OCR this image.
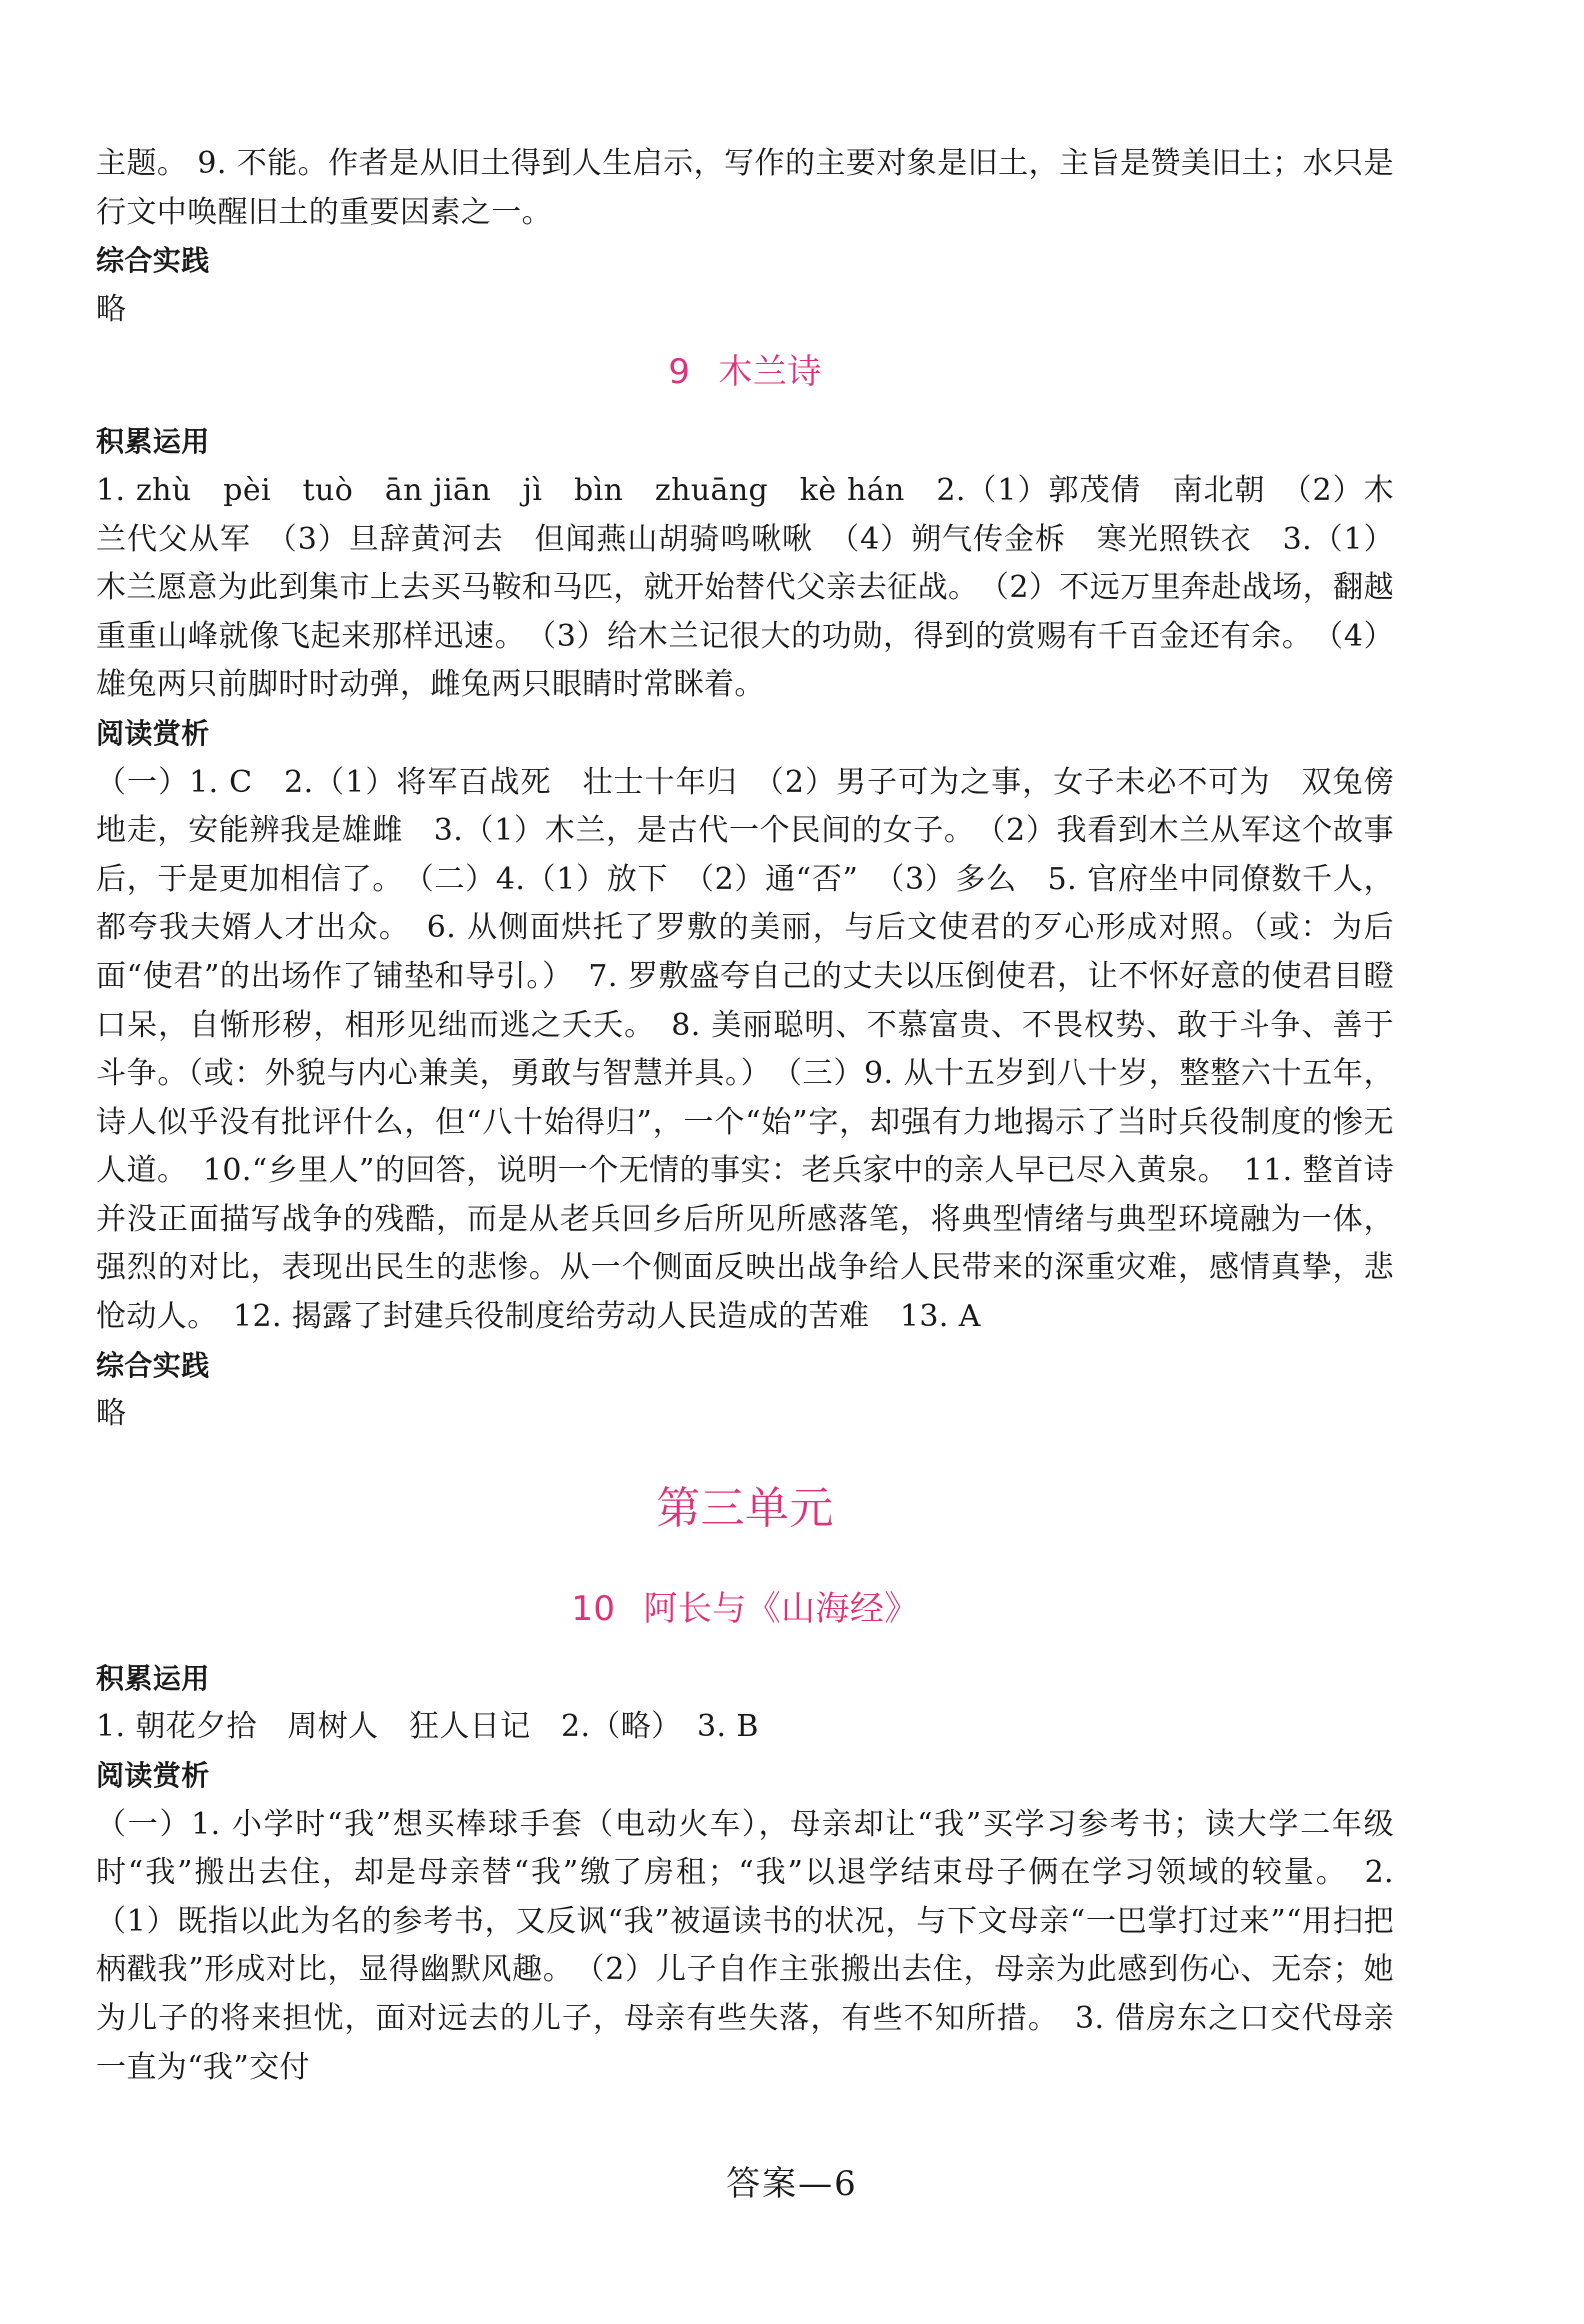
主题。 9. 不能。作者是从旧土得到人生启示，写作的主要对象是旧土，主旨是赞美旧土；水只是行文中唤醒旧土的重要因素之一。

综合实践

略

9 木兰诗

积累运用

1. zhù　pèi　tuò　ān jiān　jì　bìn　zhuāng　kè hán　2.（1）郭茂倩　南北朝　（2）木兰代父从军　（3）旦辞黄河去　但闻燕山胡骑鸣啾啾　（4）朔气传金柝　寒光照铁衣　3.（1）木兰愿意为此到集市上去买马鞍和马匹，就开始替代父亲去征战。　（2）不远万里奔赴战场，翻越重重山峰就像飞起来那样迅速。　（3）给木兰记很大的功勋，得到的赏赐有千百金还有余。　（4）雄兔两只前脚时时动弹，雌兔两只眼睛时常眯着。

阅读赏析

（一）1. C　2.（1）将军百战死　壮士十年归　（2）男子可为之事，女子未必不可为　双兔傍地走，安能辨我是雄雌　3.（1）木兰，是古代一个民间的女子。　（2）我看到木兰从军这个故事后，于是更加相信了。　（二）4.（1）放下　（2）通“否”　（3）多么　5. 官府坐中同僚数千人，都夸我夫婿人才出众。　6. 从侧面烘托了罗敷的美丽，与后文使君的歹心形成对照。（或：为后面“使君”的出场作了铺垫和导引。）　7. 罗敷盛夸自己的丈夫以压倒使君，让不怀好意的使君目瞪口呆，自惭形秽，相形见绌而逃之夭夭。　8. 美丽聪明、不慕富贵、不畏权势、敢于斗争、善于斗争。（或：外貌与内心兼美，勇敢与智慧并具。）　（三）9. 从十五岁到八十岁，整整六十五年，诗人似乎没有批评什么，但“八十始得归”，一个“始”字，却强有力地揭示了当时兵役制度的惨无人道。　10.“乡里人”的回答，说明一个无情的事实：老兵家中的亲人早已尽入黄泉。　11. 整首诗并没正面描写战争的残酷，而是从老兵回乡后所见所感落笔，将典型情绪与典型环境融为一体，强烈的对比，表现出民生的悲惨。从一个侧面反映出战争给人民带来的深重灾难，感情真挚，悲怆动人。　12. 揭露了封建兵役制度给劳动人民造成的苦难　13. A

综合实践

略

第三单元

10 阿长与《山海经》

积累运用

1. 朝花夕拾　周树人　狂人日记　2.（略）　3. B

阅读赏析

（一）1. 小学时“我”想买棒球手套（电动火车），母亲却让“我”买学习参考书；读大学二年级时“我”搬出去住，却是母亲替“我”缴了房租；“我”以退学结束母子俩在学习领域的较量。　2.（1）既指以此为名的参考书，又反讽“我”被逼读书的状况，与下文母亲“一巴掌打过来”“用扫把柄戳我”形成对比，显得幽默风趣。　（2）儿子自作主张搬出去住，母亲为此感到伤心、无奈；她为儿子的将来担忧，面对远去的儿子，母亲有些失落，有些不知所措。　3. 借房东之口交代母亲一直为“我”交付

答案—6
